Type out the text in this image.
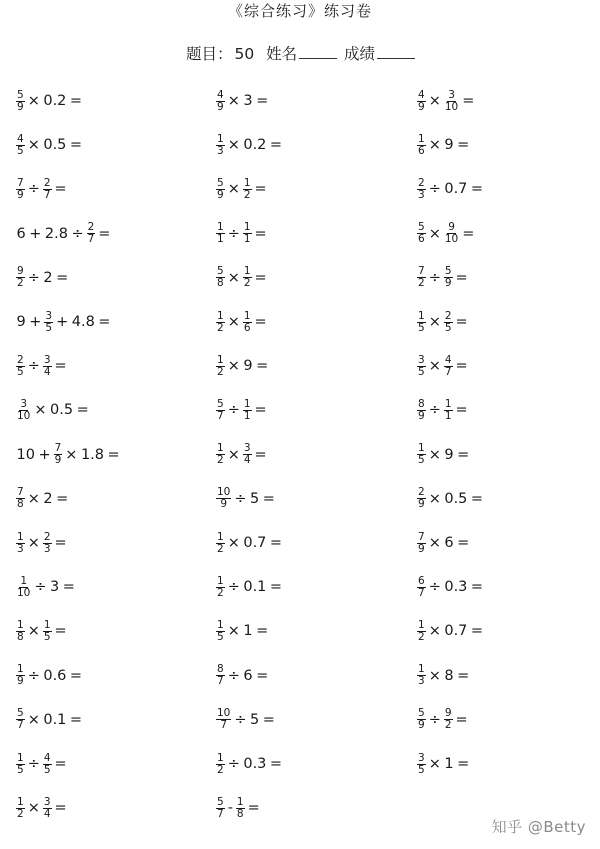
《综合练习》练习卷
题目： 50 姓名	成绩
$\frac{5}{9} \times 0.2$ =
$\frac{4}{5} \times 0.5$ =
$\frac{7}{9} \div \frac{2}{7}$ =
$6 + 2.8 \div \frac{2}{7}$ =
$\frac{9}{2} \div 2$ =
$9 + \frac{3}{5} + 4.8$ =
$\frac{2}{5} \div \frac{3}{4}$ =
$\frac{3}{10} \times 0.5$ =
$10 + \frac{7}{9} \times 1.8$ =
$\frac{7}{8} \times 2$ =
$\frac{1}{3} \times \frac{2}{3}$ =
$\frac{1}{10} \div 3$ =
$\frac{1}{8} \times \frac{1}{5}$ =
$\frac{1}{9} \div 0.6$ =
$\frac{5}{7} \times 0.1$ =
$\frac{1}{5} \div \frac{4}{5}$ =
$\frac{1}{2} \times \frac{3}{4}$ =
$\frac{4}{9} \times 3$ =
$\frac{1}{3} \times 0.2$ =
$\frac{5}{9} \times \frac{1}{2}$ =
$\frac{1}{1} \div \frac{1}{1}$ =
$\frac{5}{8} \times \frac{1}{2}$ =
$\frac{1}{2} \times \frac{1}{6}$ =
$\frac{1}{2} \times 9$ =
$\frac{5}{7} \div \frac{1}{1}$ =
$\frac{1}{2} \times \frac{3}{4}$ =
$\frac{10}{9} \div 5$ =
$\frac{1}{2} \times 0.7$ =
$\frac{1}{2} \div 0.1$ =
$\frac{1}{5} \times 1$ =
$\frac{8}{7} \div 6$ =
$\frac{10}{7} \div 5$ =
$\frac{1}{2} \div 0.3$ =
$\frac{5}{7} - \frac{1}{8}$ =
$\frac{4}{9} \times \frac{3}{10}$ =
$\frac{1}{6} \times 9$ =
$\frac{2}{3} \div 0.7$ =
$\frac{5}{6} \times \frac{9}{10}$ =
$\frac{7}{2} \div \frac{5}{9}$ =
$\frac{1}{5} \times \frac{2}{5}$ =
$\frac{3}{5} \times \frac{4}{7}$ =
$\frac{8}{9} \div \frac{1}{1}$ =
$\frac{1}{5} \times 9$ =
$\frac{2}{9} \times 0.5$ =
$\frac{7}{9} \times 6$ =
$\frac{6}{7} \div 0.3$ =
$\frac{1}{2} \times 0.7$ =
$\frac{1}{3} \times 8$ =
$\frac{5}{9} \div \frac{9}{2}$ =
$\frac{3}{5} \times 1$ =
知乎 @Betty
